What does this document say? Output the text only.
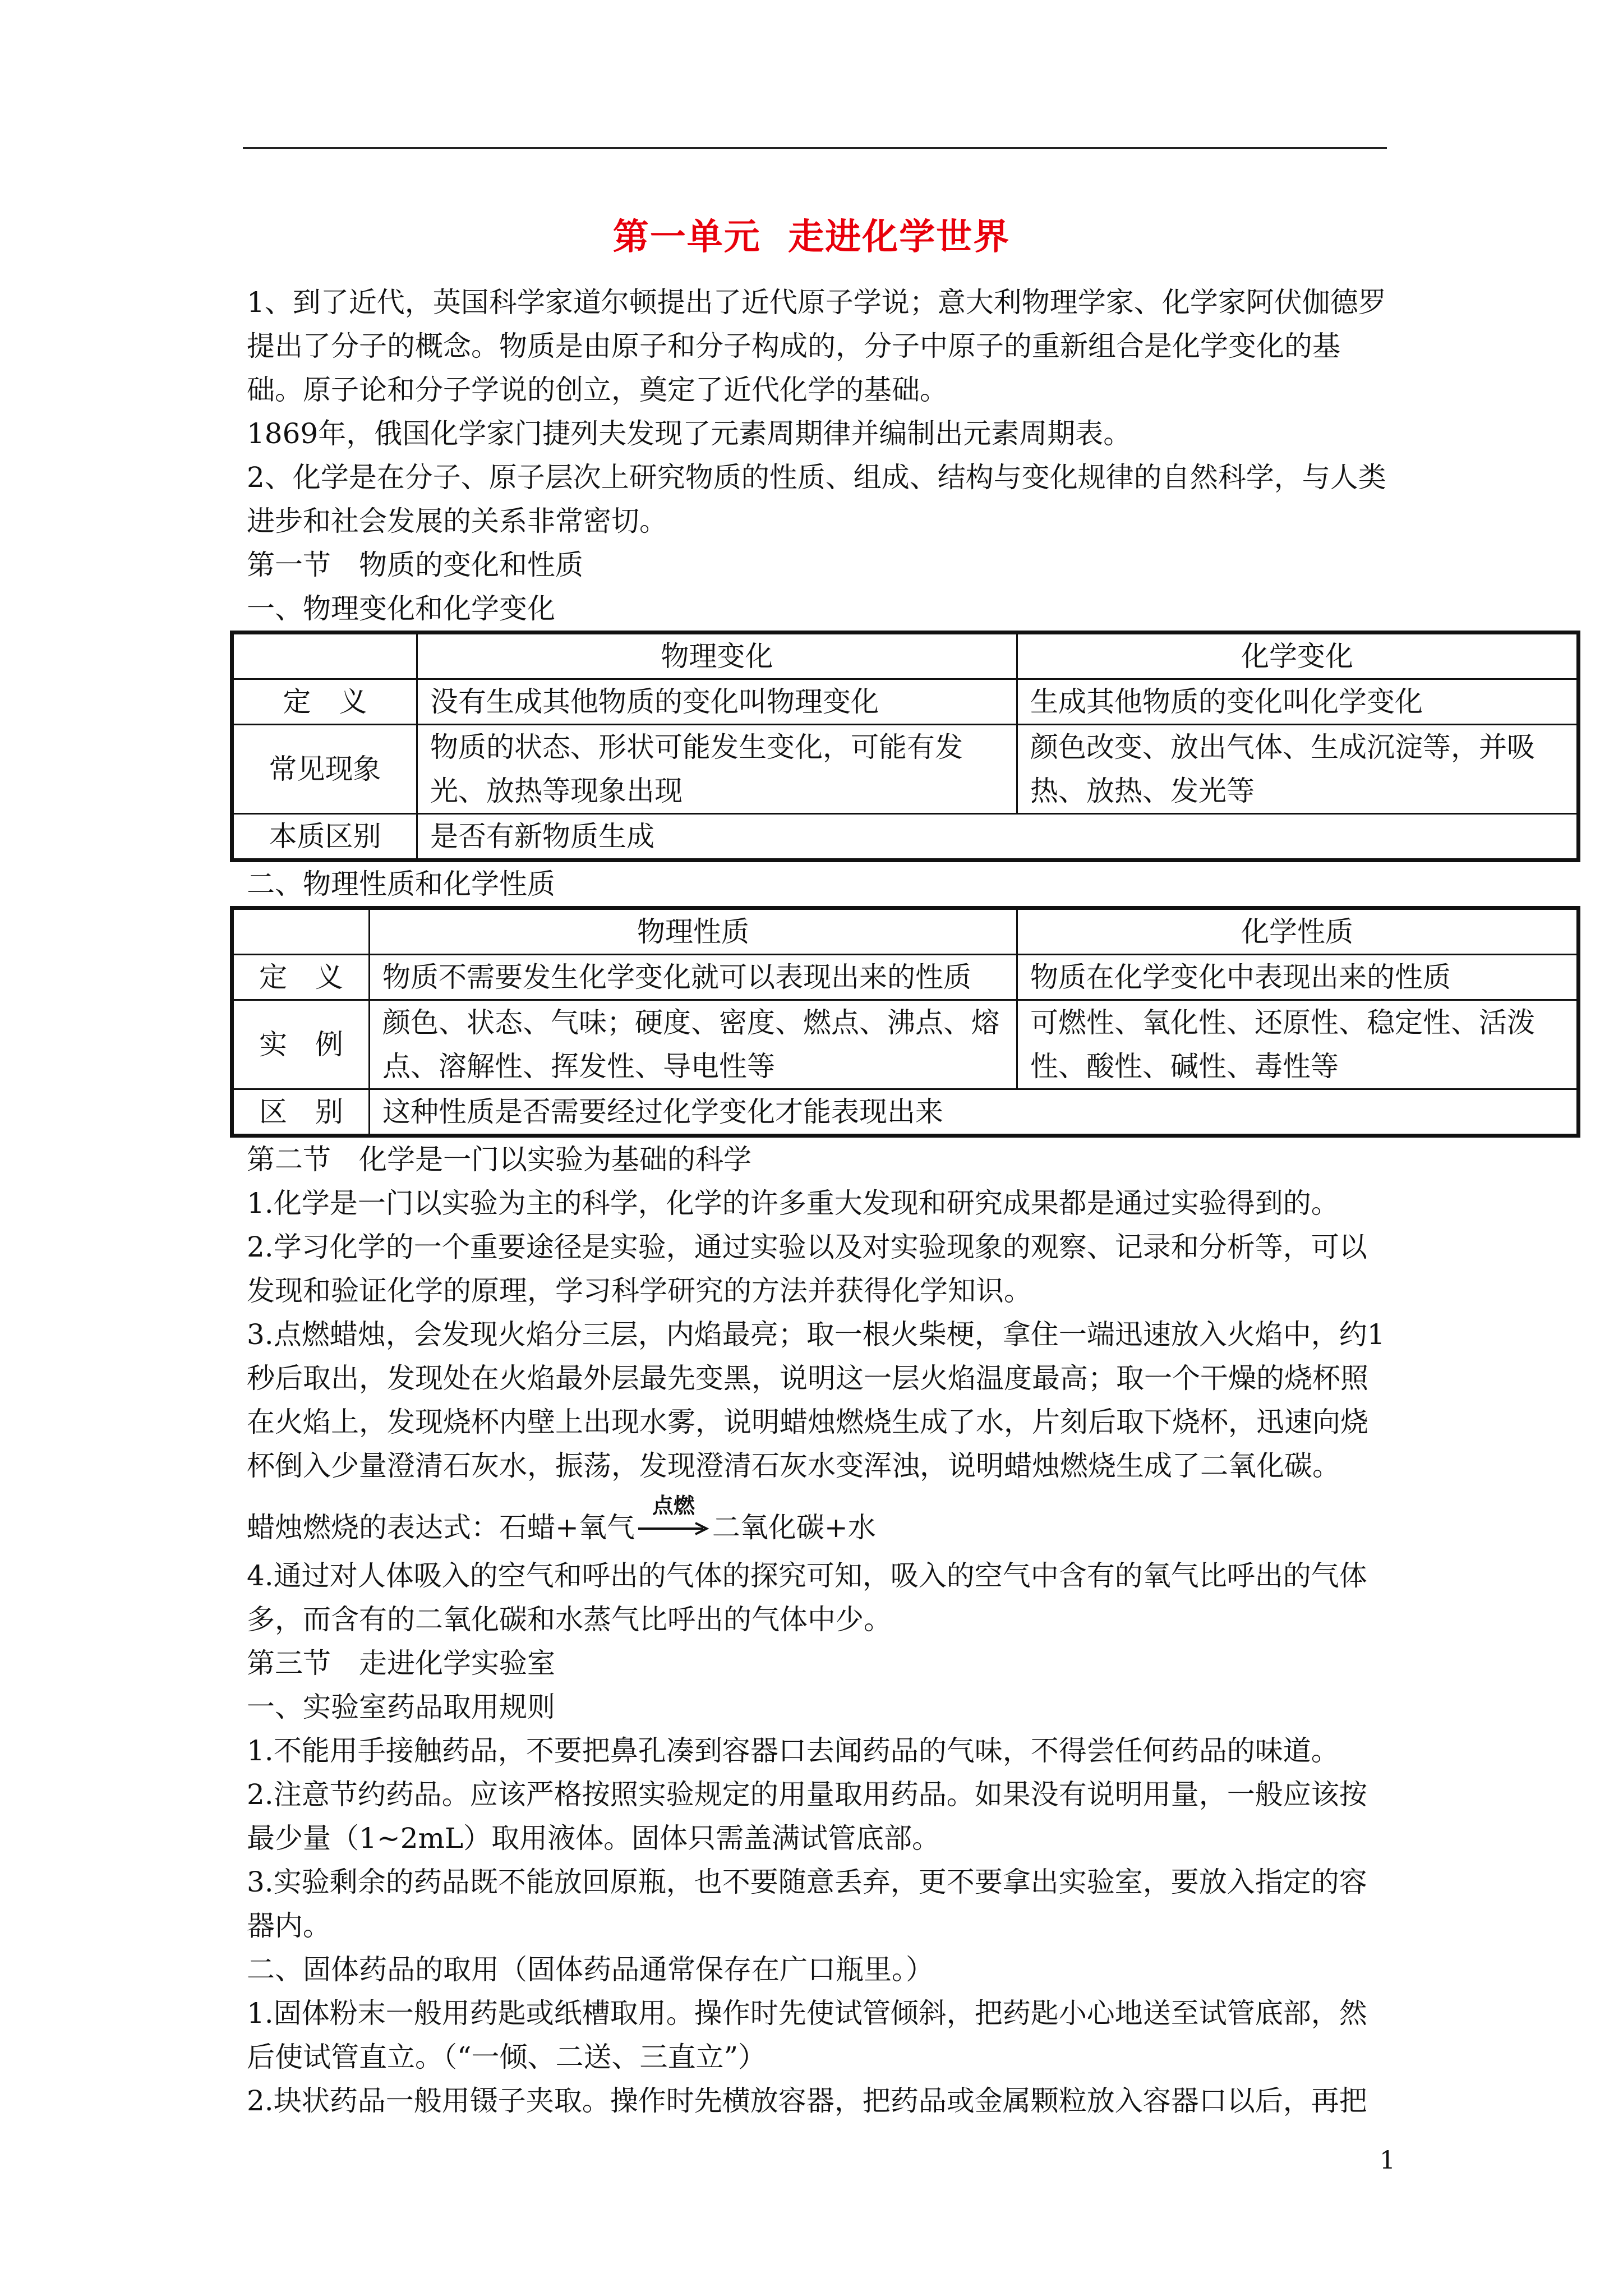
第一单元  走进化学世界

1、到了近代，英国科学家道尔顿提出了近代原子学说；意大利物理学家、化学家阿伏伽德罗提出了分子的概念。物质是由原子和分子构成的，分子中原子的重新组合是化学变化的基础。原子论和分子学说的创立，奠定了近代化学的基础。

1869年，俄国化学家门捷列夫发现了元素周期律并编制出元素周期表。

2、化学是在分子、原子层次上研究物质的性质、组成、结构与变化规律的自然科学，与人类进步和社会发展的关系非常密切。

第一节　物质的变化和性质

一、物理变化和化学变化

	物理变化	化学变化
定　义	没有生成其他物质的变化叫物理变化	生成其他物质的变化叫化学变化
常见现象	物质的状态、形状可能发生变化，可能有发光、放热等现象出现	颜色改变、放出气体、生成沉淀等，并吸热、放热、发光等
本质区别	是否有新物质生成	

二、物理性质和化学性质

	物理性质	化学性质
定　义	物质不需要发生化学变化就可以表现出来的性质	物质在化学变化中表现出来的性质
实　例	颜色、状态、气味；硬度、密度、燃点、沸点、熔点、溶解性、挥发性、导电性等	可燃性、氧化性、还原性、稳定性、活泼性、酸性、碱性、毒性等
区　别	这种性质是否需要经过化学变化才能表现出来	

第二节　化学是一门以实验为基础的科学

1.化学是一门以实验为主的科学，化学的许多重大发现和研究成果都是通过实验得到的。

2.学习化学的一个重要途径是实验，通过实验以及对实验现象的观察、记录和分析等，可以发现和验证化学的原理，学习科学研究的方法并获得化学知识。

3.点燃蜡烛，会发现火焰分三层，内焰最亮；取一根火柴梗，拿住一端迅速放入火焰中，约1秒后取出，发现处在火焰最外层最先变黑，说明这一层火焰温度最高；取一个干燥的烧杯照在火焰上，发现烧杯内壁上出现水雾，说明蜡烛燃烧生成了水，片刻后取下烧杯，迅速向烧杯倒入少量澄清石灰水，振荡，发现澄清石灰水变浑浊，说明蜡烛燃烧生成了二氧化碳。

蜡烛燃烧的表达式：石蜡+氧气
点燃
二氧化碳+水

4.通过对人体吸入的空气和呼出的气体的探究可知，吸入的空气中含有的氧气比呼出的气体多，而含有的二氧化碳和水蒸气比呼出的气体中少。

第三节　走进化学实验室

一、实验室药品取用规则

1.不能用手接触药品，不要把鼻孔凑到容器口去闻药品的气味，不得尝任何药品的味道。

2.注意节约药品。应该严格按照实验规定的用量取用药品。如果没有说明用量，一般应该按最少量（1~2mL）取用液体。固体只需盖满试管底部。

3.实验剩余的药品既不能放回原瓶，也不要随意丢弃，更不要拿出实验室，要放入指定的容器内。

二、固体药品的取用（固体药品通常保存在广口瓶里。）

1.固体粉末一般用药匙或纸槽取用。操作时先使试管倾斜，把药匙小心地送至试管底部，然后使试管直立。（“一倾、二送、三直立”）

2.块状药品一般用镊子夹取。操作时先横放容器，把药品或金属颗粒放入容器口以后，再把

1
